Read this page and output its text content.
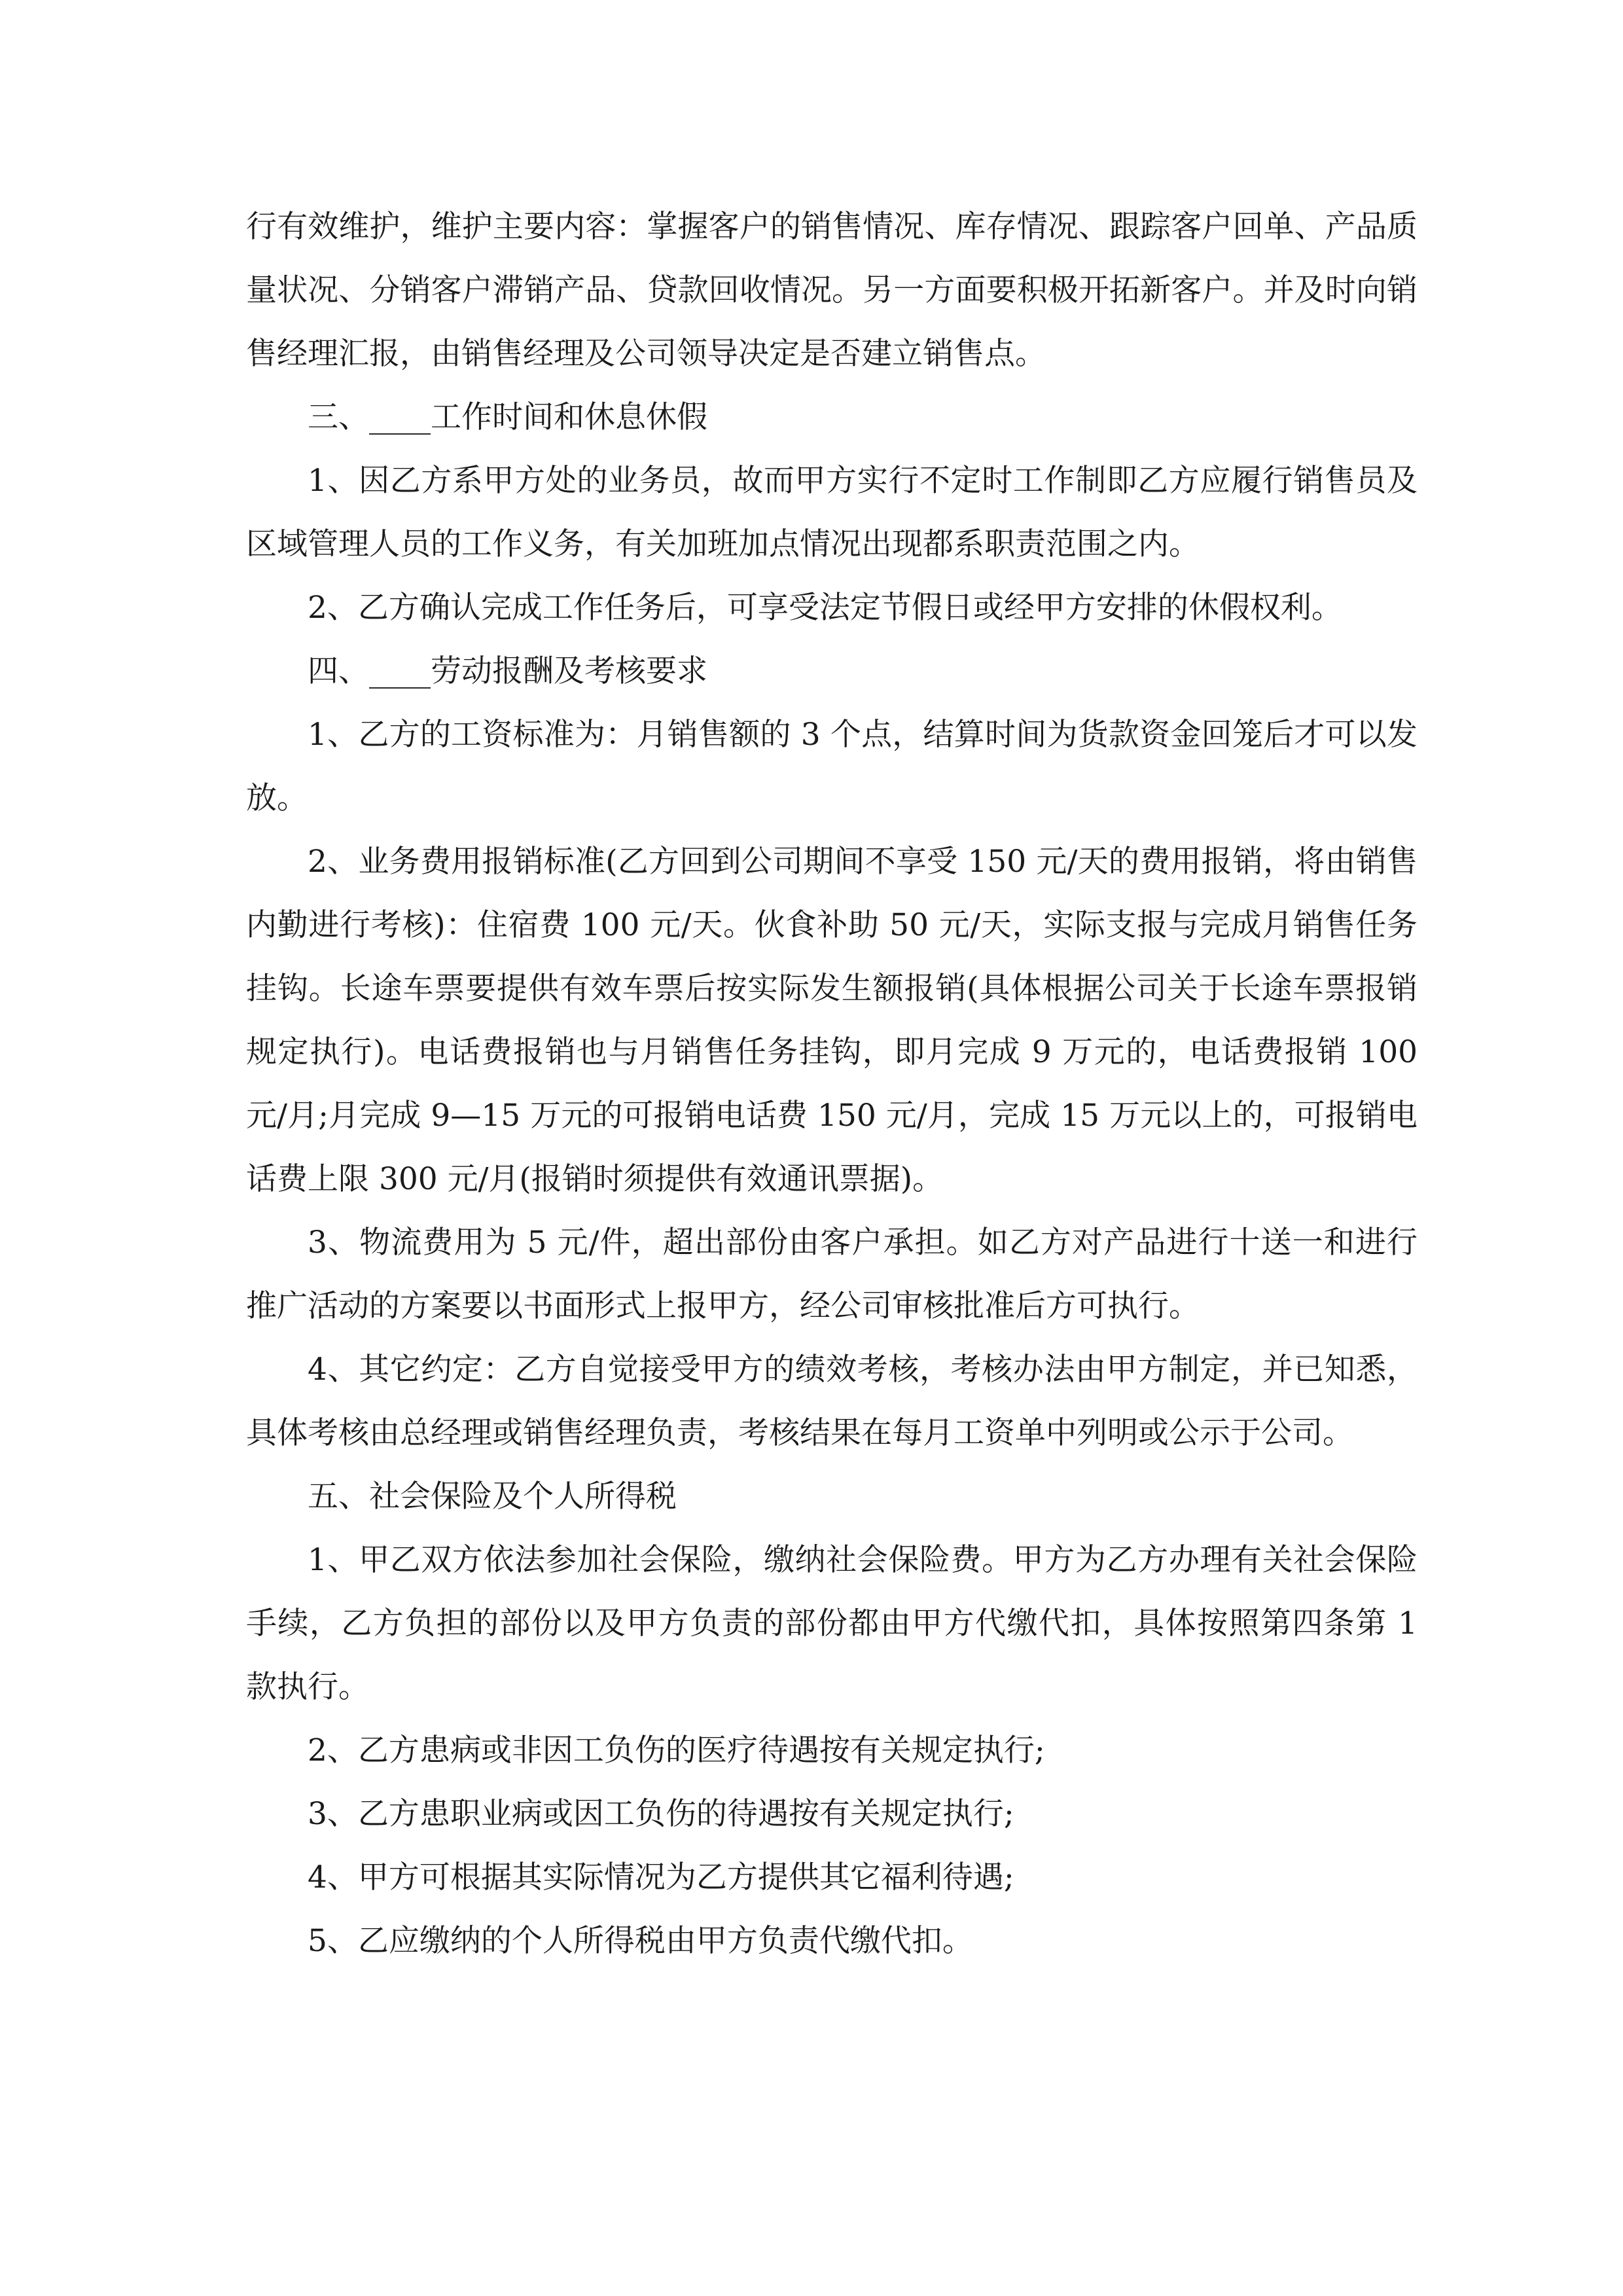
行有效维护，维护主要内容：掌握客户的销售情况、库存情况、跟踪客户回单、产品质量状况、分销客户滞销产品、贷款回收情况。另一方面要积极开拓新客户。并及时向销售经理汇报，由销售经理及公司领导决定是否建立销售点。

三、____工作时间和休息休假

1、因乙方系甲方处的业务员，故而甲方实行不定时工作制即乙方应履行销售员及区域管理人员的工作义务，有关加班加点情况出现都系职责范围之内。

2、乙方确认完成工作任务后，可享受法定节假日或经甲方安排的休假权利。

四、____劳动报酬及考核要求

1、乙方的工资标准为：月销售额的 3 个点，结算时间为货款资金回笼后才可以发放。

2、业务费用报销标准(乙方回到公司期间不享受 150 元/天的费用报销，将由销售内勤进行考核)：住宿费 100 元/天。伙食补助 50 元/天，实际支报与完成月销售任务挂钩。长途车票要提供有效车票后按实际发生额报销(具体根据公司关于长途车票报销规定执行)。电话费报销也与月销售任务挂钩，即月完成 9 万元的，电话费报销 100 元/月;月完成 9—15 万元的可报销电话费 150 元/月，完成 15 万元以上的，可报销电话费上限 300 元/月(报销时须提供有效通讯票据)。

3、物流费用为 5 元/件，超出部份由客户承担。如乙方对产品进行十送一和进行推广活动的方案要以书面形式上报甲方，经公司审核批准后方可执行。

4、其它约定：乙方自觉接受甲方的绩效考核，考核办法由甲方制定，并已知悉，具体考核由总经理或销售经理负责，考核结果在每月工资单中列明或公示于公司。

五、社会保险及个人所得税

1、甲乙双方依法参加社会保险，缴纳社会保险费。甲方为乙方办理有关社会保险手续，乙方负担的部份以及甲方负责的部份都由甲方代缴代扣，具体按照第四条第 1 款执行。

2、乙方患病或非因工负伤的医疗待遇按有关规定执行;

3、乙方患职业病或因工负伤的待遇按有关规定执行;

4、甲方可根据其实际情况为乙方提供其它福利待遇;

5、乙应缴纳的个人所得税由甲方负责代缴代扣。
